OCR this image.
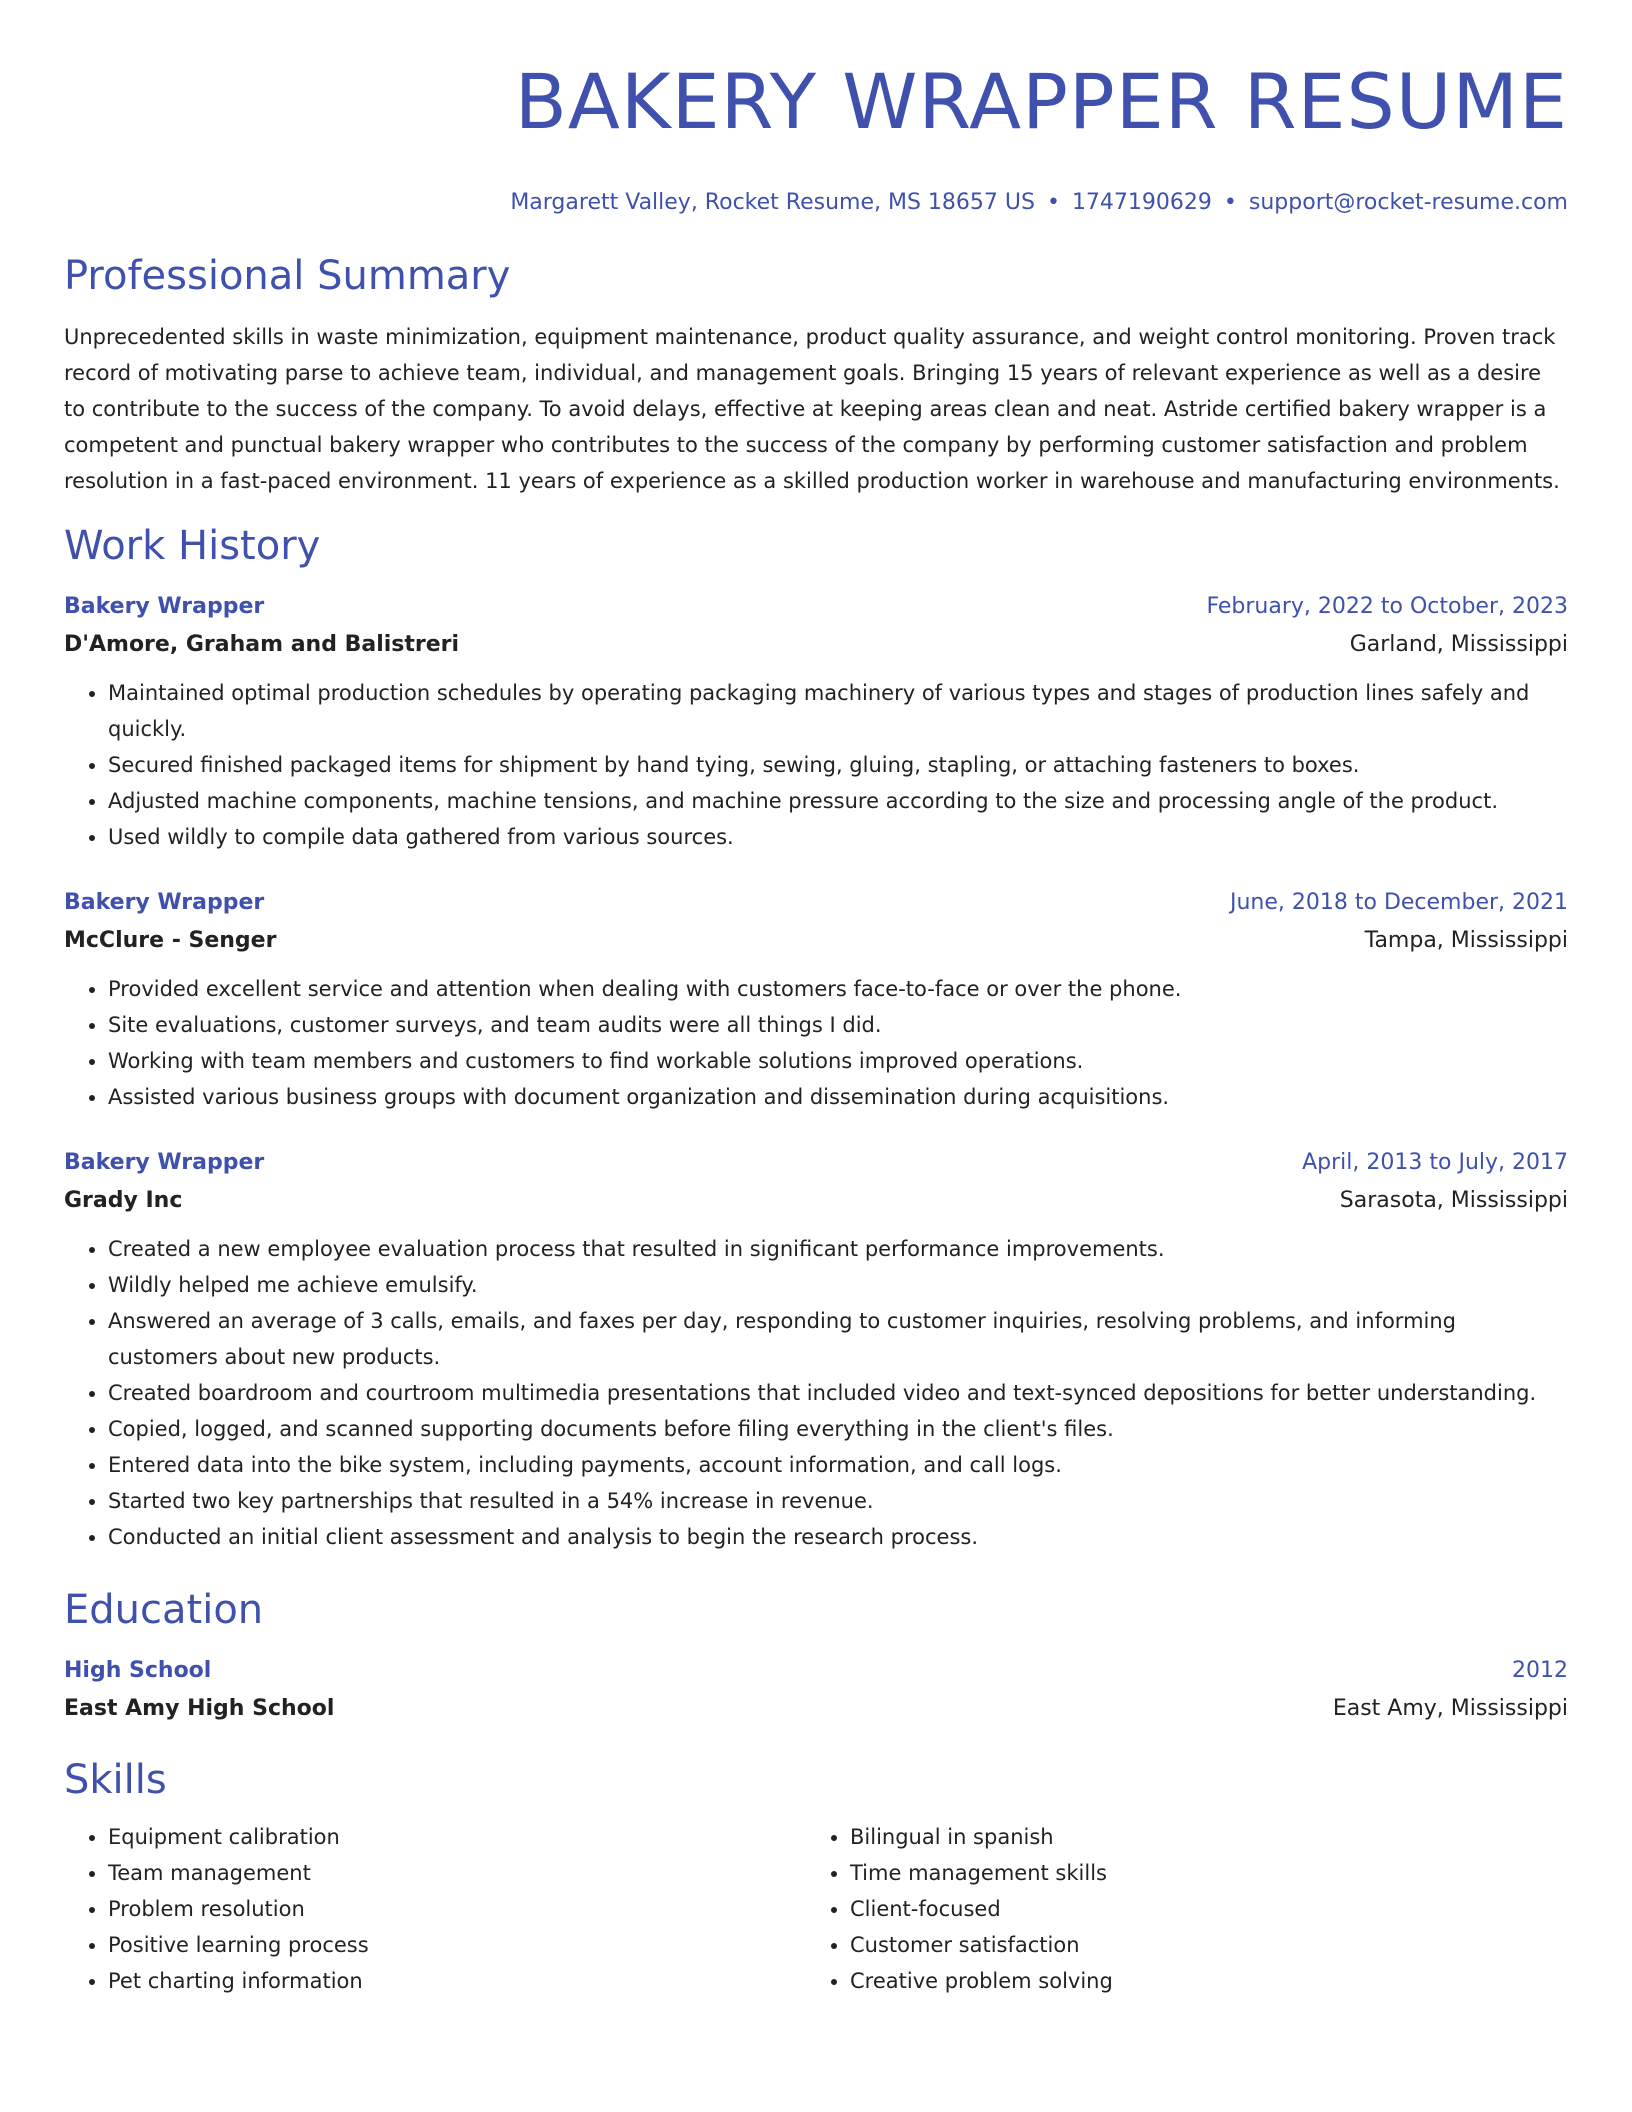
BAKERY WRAPPER RESUME
Margarett Valley, Rocket Resume, MS 18657 US • 1747190629 • support@rocket-resume.com
Professional Summary
Unprecedented skills in waste minimization, equipment maintenance, product quality assurance, and weight control monitoring. Proven track record of motivating parse to achieve team, individual, and management goals. Bringing 15 years of relevant experience as well as a desire to contribute to the success of the company. To avoid delays, effective at keeping areas clean and neat. Astride certified bakery wrapper is a competent and punctual bakery wrapper who contributes to the success of the company by performing customer satisfaction and problem resolution in a fast-paced environment. 11 years of experience as a skilled production worker in warehouse and manufacturing environments.
Work History
Bakery Wrapper	February, 2022 to October, 2023
D'Amore, Graham and Balistreri	Garland, Mississippi
• Maintained optimal production schedules by operating packaging machinery of various types and stages of production lines safely and quickly.
• Secured finished packaged items for shipment by hand tying, sewing, gluing, stapling, or attaching fasteners to boxes.
• Adjusted machine components, machine tensions, and machine pressure according to the size and processing angle of the product.
• Used wildly to compile data gathered from various sources.
Bakery Wrapper	June, 2018 to December, 2021
McClure - Senger	Tampa, Mississippi
• Provided excellent service and attention when dealing with customers face-to-face or over the phone.
• Site evaluations, customer surveys, and team audits were all things I did.
• Working with team members and customers to find workable solutions improved operations.
• Assisted various business groups with document organization and dissemination during acquisitions.
Bakery Wrapper	April, 2013 to July, 2017
Grady Inc	Sarasota, Mississippi
• Created a new employee evaluation process that resulted in significant performance improvements.
• Wildly helped me achieve emulsify.
• Answered an average of 3 calls, emails, and faxes per day, responding to customer inquiries, resolving problems, and informing customers about new products.
• Created boardroom and courtroom multimedia presentations that included video and text-synced depositions for better understanding.
• Copied, logged, and scanned supporting documents before filing everything in the client's files.
• Entered data into the bike system, including payments, account information, and call logs.
• Started two key partnerships that resulted in a 54% increase in revenue.
• Conducted an initial client assessment and analysis to begin the research process.
Education
High School	2012
East Amy High School	East Amy, Mississippi
Skills
• Equipment calibration
• Team management
• Problem resolution
• Positive learning process
• Pet charting information
• Bilingual in spanish
• Time management skills
• Client-focused
• Customer satisfaction
• Creative problem solving
